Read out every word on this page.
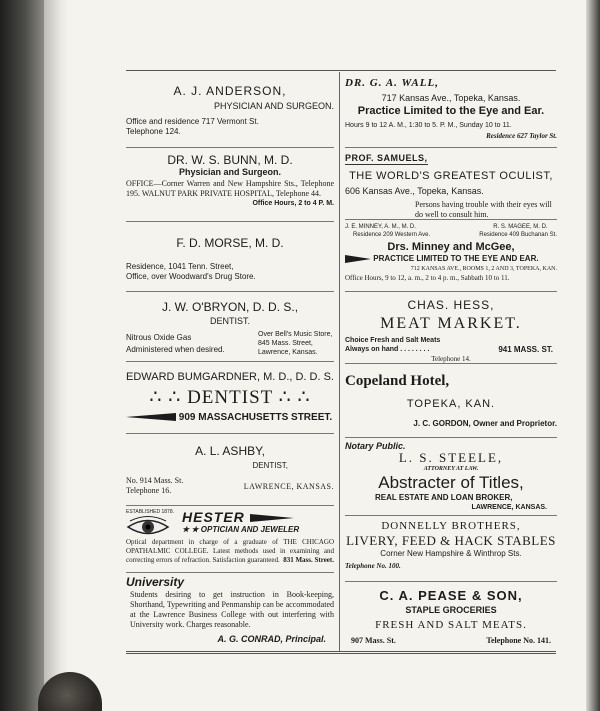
A. J. ANDERSON,
PHYSICIAN AND SURGEON.
Office and residence 717 Vermont St.
Telephone 124.
DR. W. S. BUNN, M. D.
Physician and Surgeon.
OFFICE—Corner Warren and New Hampshire Sts., Telephone 195. WALNUT PARK PRIVATE HOSPITAL, Telephone 44.
Office Hours, 2 to 4 P. M.
F. D. MORSE, M. D.
Residence, 1041 Tenn. Street,
Office, over Woodward's Drug Store.
J. W. O'BRYON, D. D. S.,
DENTIST.
Nitrous Oxide Gas
Administered when desired.
Over Bell's Music Store,
845 Mass. Street,
Lawrence, Kansas.
EDWARD BUMGARDNER, M. D., D. D. S.
∴ ∴ DENTIST ∴ ∴
909 MASSACHUSETTS STREET.
A. L. ASHBY,
DENTIST,
No. 914 Mass. St.
Telephone 16.	LAWRENCE, KANSAS.
ESTABLISHED 1878. HESTER
★ ★ OPTICIAN AND JEWELER
Optical department in charge of a graduate of THE CHICAGO OPATHALMIC COLLEGE. Latest methods used in examining and correcting errors of refraction. Satisfaction guaranteed. 831 Mass. Street.
University
Students desiring to get instruction in Book-keeping, Shorthand, Typewriting and Penmanship can be accommodated at the Lawrence Business College with out interfering with University work. Charges reasonable.
A. G. CONRAD, Principal.
DR. G. A. WALL,
717 Kansas Ave., Topeka, Kansas.
Practice Limited to the Eye and Ear.
Hours 9 to 12 A. M., 1:30 to 5. P. M., Sunday 10 to 11.
Residence 627 Taylor St.
PROF. SAMUELS,
THE WORLD'S GREATEST OCULIST,
606 Kansas Ave., Topeka, Kansas.
Persons having trouble with their eyes will do well to consult him.
J. E. MINNEY, A. M., M. D.
Residence 209 Western Ave.
R. S. MAGEE, M. D.
Residence 409 Buchanan St.
Drs. Minney and McGee,
PRACTICE LIMITED TO THE EYE AND EAR.
712 KANSAS AVE., ROOMS 1, 2 AND 3, TOPEKA, KAN.
Office Hours, 9 to 12, a. m., 2 to 4 p. m., Sabbath 10 to 11.
CHAS. HESS,
MEAT MARKET.
Choice Fresh and Salt Meats
Always on hand . . . . . . . .	941 MASS. ST.
Telephone 14.
Copeland Hotel,
TOPEKA, KAN.
J. C. GORDON, Owner and Proprietor.
Notary Public.
L. S. STEELE,
ATTORNEY AT LAW.
Abstracter of Titles,
REAL ESTATE AND LOAN BROKER,
LAWRENCE, KANSAS.
DONNELLY BROTHERS,
LIVERY, FEED & HACK STABLES
Corner New Hampshire & Winthrop Sts.
Telephone No. 100.
C. A. PEASE & SON,
STAPLE GROCERIES
FRESH AND SALT MEATS.
907 Mass. St.	Telephone No. 141.
